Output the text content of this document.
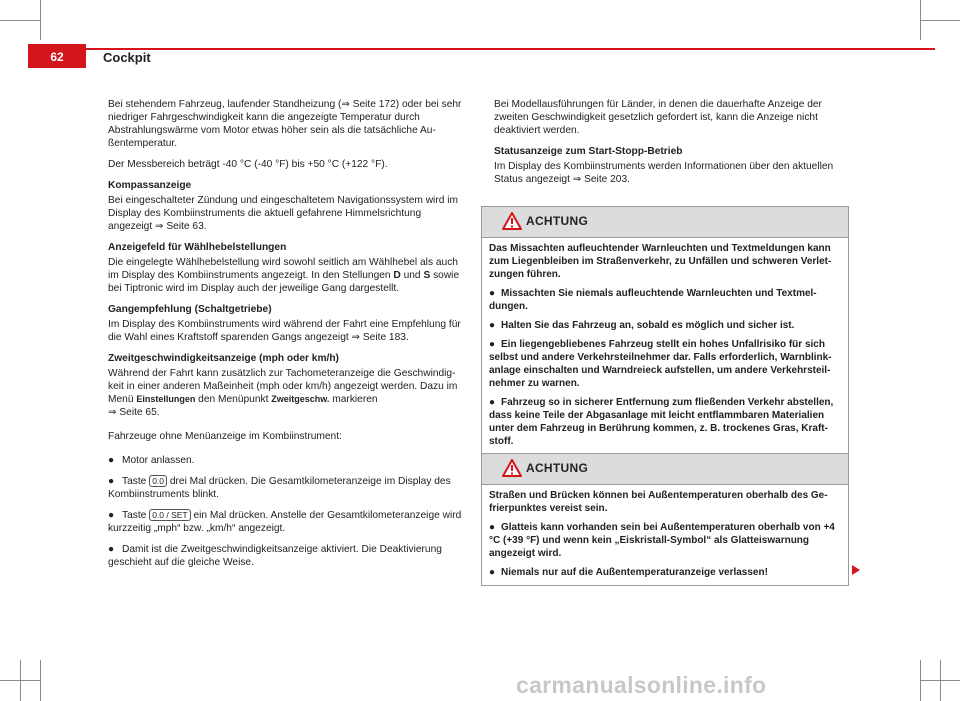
62	Cockpit

Bei stehendem Fahrzeug, laufender Standheizung (⇒ Seite 172) oder bei sehr niedriger Fahrgeschwindigkeit kann die angezeigte Temperatur durch Abstrahlungswärme vom Motor etwas höher sein als die tatsächliche Au-ßentemperatur.

Der Messbereich beträgt -40 °C (-40 °F) bis +50 °C (+122 °F).

Kompassanzeige

Bei eingeschalteter Zündung und eingeschaltetem Navigationssystem wird im Display des Kombiinstruments die aktuell gefahrene Himmelsrichtung angezeigt ⇒ Seite 63.

Anzeigefeld für Wählhebelstellungen

Die eingelegte Wählhebelstellung wird sowohl seitlich am Wählhebel als auch im Display des Kombiinstruments angezeigt. In den Stellungen D und S sowie bei Tiptronic wird im Display auch der jeweilige Gang dargestellt.

Gangempfehlung (Schaltgetriebe)

Im Display des Kombiinstruments wird während der Fahrt eine Empfehlung für die Wahl eines Kraftstoff sparenden Gangs angezeigt ⇒ Seite 183.

Zweitgeschwindigkeitsanzeige (mph oder km/h)

Während der Fahrt kann zusätzlich zur Tachometeranzeige die Geschwindig-keit in einer anderen Maßeinheit (mph oder km/h) angezeigt werden. Dazu im Menü Einstellungen den Menüpunkt Zweitgeschw. markieren
⇒ Seite 65.

Fahrzeuge ohne Menüanzeige im Kombiinstrument:

● Motor anlassen.

● Taste 0.0 drei Mal drücken. Die Gesamtkilometeranzeige im Display des Kombiinstruments blinkt.

● Taste 0.0 / SET ein Mal drücken. Anstelle der Gesamtkilometeranzeige wird kurzzeitig „mph“ bzw. „km/h“ angezeigt.

● Damit ist die Zweitgeschwindigkeitsanzeige aktiviert. Die Deaktivierung geschieht auf die gleiche Weise.

Bei Modellausführungen für Länder, in denen die dauerhafte Anzeige der zweiten Geschwindigkeit gesetzlich gefordert ist, kann die Anzeige nicht deaktiviert werden.

Statusanzeige zum Start-Stopp-Betrieb

Im Display des Kombiinstruments werden Informationen über den aktuellen Status angezeigt ⇒ Seite 203.

ACHTUNG

Das Missachten aufleuchtender Warnleuchten und Textmeldungen kann zum Liegenbleiben im Straßenverkehr, zu Unfällen und schweren Verlet-zungen führen.

● Missachten Sie niemals aufleuchtende Warnleuchten und Textmel-dungen.

● Halten Sie das Fahrzeug an, sobald es möglich und sicher ist.

● Ein liegengebliebenes Fahrzeug stellt ein hohes Unfallrisiko für sich selbst und andere Verkehrsteilnehmer dar. Falls erforderlich, Warnblink-anlage einschalten und Warndreieck aufstellen, um andere Verkehrsteil-nehmer zu warnen.

● Fahrzeug so in sicherer Entfernung zum fließenden Verkehr abstellen, dass keine Teile der Abgasanlage mit leicht entflammbaren Materialien unter dem Fahrzeug in Berührung kommen, z. B. trockenes Gras, Kraft-stoff.

ACHTUNG

Straßen und Brücken können bei Außentemperaturen oberhalb des Ge-frierpunktes vereist sein.

● Glatteis kann vorhanden sein bei Außentemperaturen oberhalb von +4 °C (+39 °F) und wenn kein „Eiskristall-Symbol“ als Glatteiswarnung angezeigt wird.

● Niemals nur auf die Außentemperaturanzeige verlassen!

carmanualsonline.info
